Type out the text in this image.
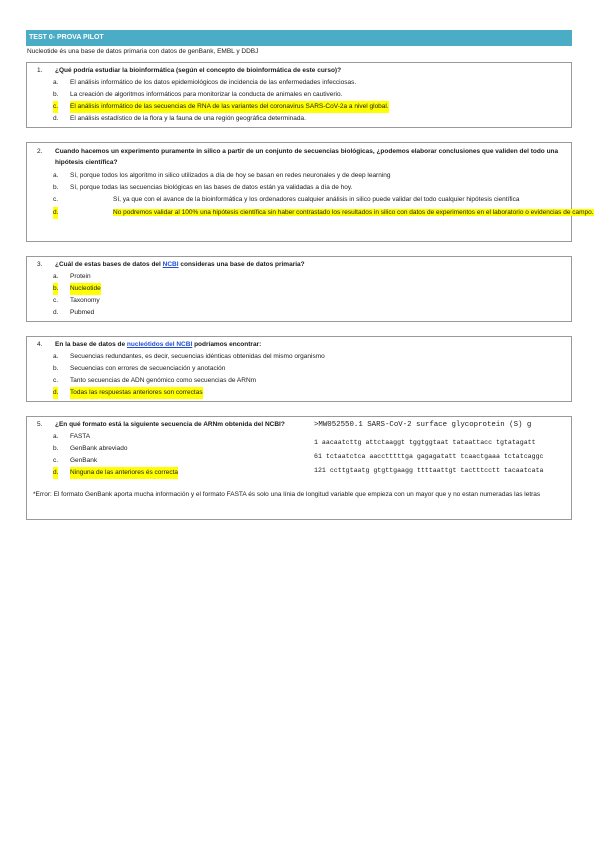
TEST 0- PROVA PILOT
Nucleotide és una base de datos primaria con datos de genBank, EMBL y DDBJ
1. ¿Qué podría estudiar la bioinformática (según el concepto de bioinformática de este curso)?
a. El análisis informático de los datos epidemiológicos de incidencia de las enfermedades infecciosas.
b. La creación de algoritmos informáticos para monitorizar la conducta de animales en cautiverio.
c. El análisis informático de las secuencias de RNA de las variantes del coronavirus SARS-CoV-2a a nivel global.
d. El análisis estadístico de la flora y la fauna de una región geográfica determinada.
2. Cuando hacemos un experimento puramente in silico a partir de un conjunto de secuencias biológicas, ¿podemos elaborar conclusiones que validen del todo una hipótesis científica?
a. Sí, porque todos los algoritmo in silico utilizados a día de hoy se basan en redes neuronales y de deep learning
b. Sí, porque todas las secuencias biológicas en las bases de datos están ya validadas a día de hoy.
c.	Sí, ya que con el avance de la bioinformática y los ordenadores cualquier análisis in silico puede validar del todo cualquier hipótesis científica
d.	No podremos validar al 100% una hipótesis científica sin haber contrastado los resultados in silico con datos de experimentos en el laboratorio o evidencias de campo.
3. ¿Cuál de estas bases de datos del NCBI consideras una base de datos primaria?
a. Protein
b. Nucleotide
c. Taxonomy
d. Pubmed
4. En la base de datos de nucleótidos del NCBI podríamos encontrar:
a. Secuencias redundantes, es decir, secuencias idénticas obtenidas del mismo organismo
b. Secuencias con errores de secuenciación y anotación
c. Tanto secuencias de ADN genómico como secuencias de ARNm
d. Todas las respuestas anteriores son correctas
5. ¿En qué formato está la siguiente secuencia de ARNm obtenida del NCBI?
a. FASTA
b. GenBank abreviado
c. GenBank
d. Ninguna de las anteriores és correcta
>MW052550.1 SARS-CoV-2 surface glycoprotein (S) g
1 aacaatcttg attctaaggt tggtggtaat tataattacc tgtatagatt
61 tctaatctca aacctttttga gagagatatt tcaactgaaa tctatcaggc
121 ccttgtaatg gtgttgaagg ttttaattgt tactttcctt tacaatcata
*Error: El formato GenBank aporta mucha información y el formato FASTA és solo una línia de longitud variable que empieza con un mayor que y no estan numeradas las letras
